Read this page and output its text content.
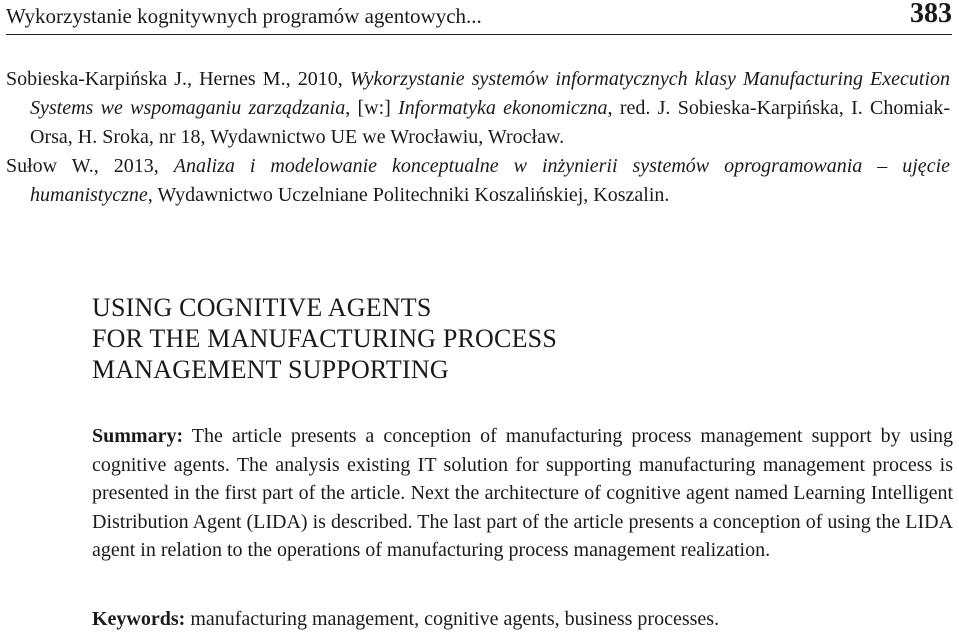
Wykorzystanie kognitywnych programów agentowych...	383

Sobieska-Karpińska J., Hernes M., 2010, Wykorzystanie systemów informatycznych klasy Manufacturing Execution Systems we wspomaganiu zarządzania, [w:] Informatyka ekonomiczna, red. J. Sobieska-Karpińska, I. Chomiak-Orsa, H. Sroka, nr 18, Wydawnictwo UE we Wrocławiu, Wrocław.

Sułow W., 2013, Analiza i modelowanie konceptualne w inżynierii systemów oprogramowania – ujęcie humanistyczne, Wydawnictwo Uczelniane Politechniki Koszalińskiej, Koszalin.

USING COGNITIVE AGENTS
FOR THE MANUFACTURING PROCESS
MANAGEMENT SUPPORTING

Summary: The article presents a conception of manufacturing process management support by using cognitive agents. The analysis existing IT solution for supporting manufacturing management process is presented in the first part of the article. Next the architecture of cognitive agent named Learning Intelligent Distribution Agent (LIDA) is described. The last part of the article presents a conception of using the LIDA agent in relation to the operations of manufacturing process management realization.

Keywords: manufacturing management, cognitive agents, business processes.
